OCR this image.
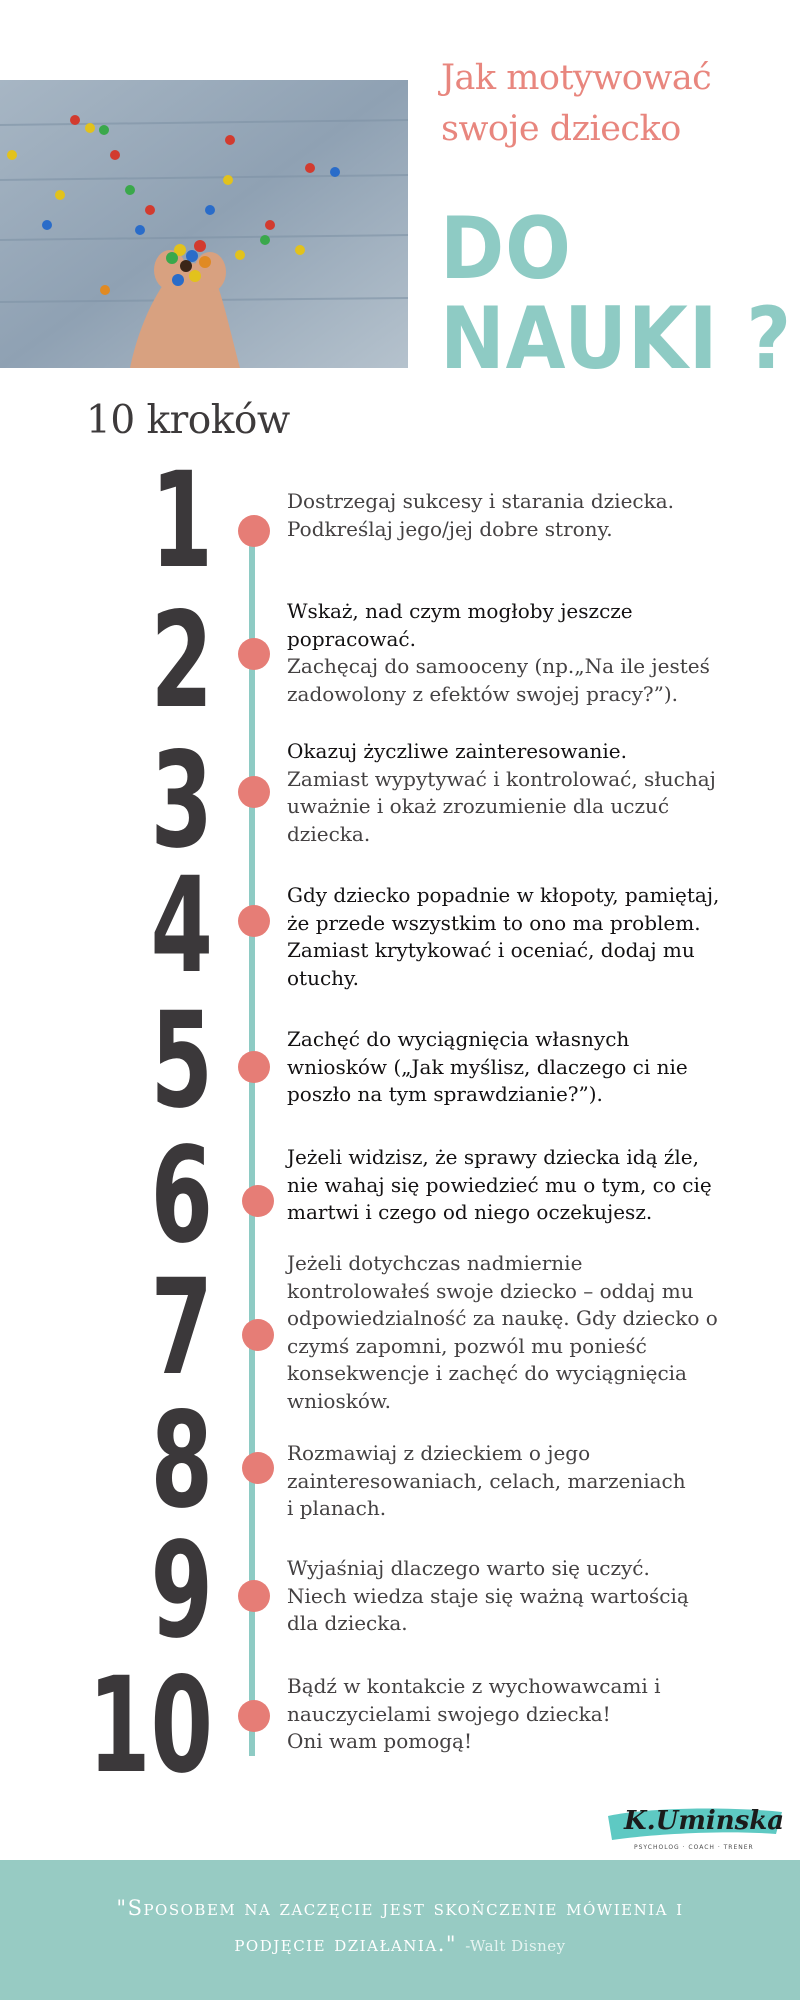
Jak motywować
swoje dziecko
DO
NAUKI ?
10 kroków
1	Dostrzegaj sukcesy i starania dziecka.
Podkreślaj jego/jej dobre strony.
2	Wskaż, nad czym mogłoby jeszcze
popracować.
Zachęcaj do samooceny (np.„Na ile jesteś
zadowolony z efektów swojej pracy?”).
3	Okazuj życzliwe zainteresowanie.
Zamiast wypytywać i kontrolować, słuchaj
uważnie i okaż zrozumienie dla uczuć
dziecka.
4	Gdy dziecko popadnie w kłopoty, pamiętaj,
że przede wszystkim to ono ma problem.
Zamiast krytykować i oceniać, dodaj mu
otuchy.
5	Zachęć do wyciągnięcia własnych
wniosków („Jak myślisz, dlaczego ci nie
poszło na tym sprawdzianie?”).
6	Jeżeli widzisz, że sprawy dziecka idą źle,
nie wahaj się powiedzieć mu o tym, co cię
martwi i czego od niego oczekujesz.
7	Jeżeli dotychczas nadmiernie
kontrolowałeś swoje dziecko – oddaj mu
odpowiedzialność za naukę. Gdy dziecko o
czymś zapomni, pozwól mu ponieść
konsekwencje i zachęć do wyciągnięcia
wniosków.
8	Rozmawiaj z dzieckiem o jego
zainteresowaniach, celach, marzeniach
i planach.
9	Wyjaśniaj dlaczego warto się uczyć.
Niech wiedza staje się ważną wartością
dla dziecka.
10	Bądź w kontakcie z wychowawcami i
nauczycielami swojego dziecka!
Oni wam pomogą!
K.Uminska
PSYCHOLOG · COACH · TRENER
"Sposobem na zaczęcie jest skończenie mówienia i
podjęcie działania." -Walt Disney
